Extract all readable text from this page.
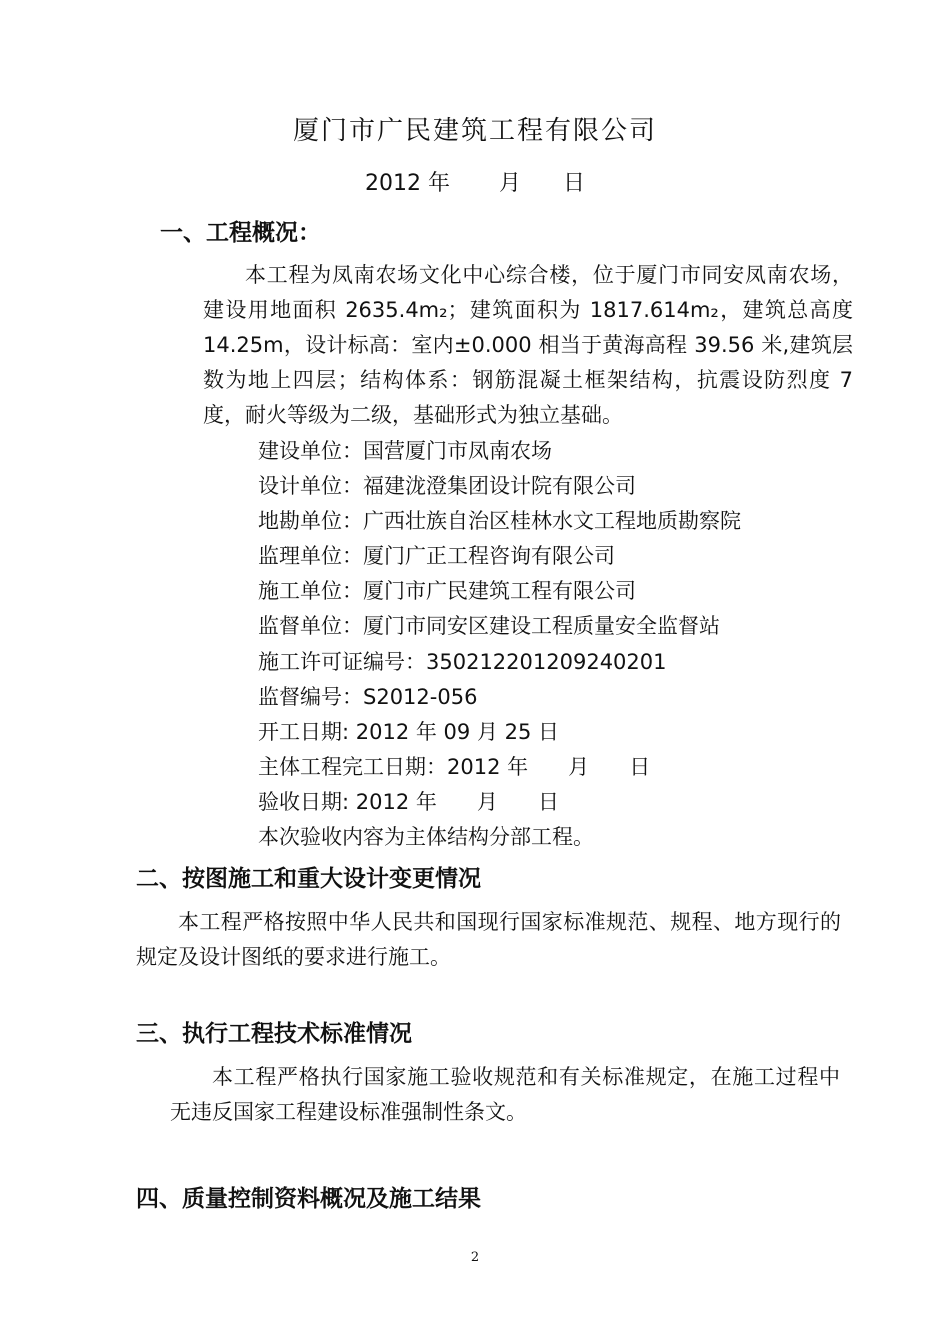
厦门市广民建筑工程有限公司
2012 年       月      日
一、工程概况：

本工程为凤南农场文化中心综合楼，位于厦门市同安凤南农场，建设用地面积 2635.4m₂；建筑面积为 1817.614m₂，建筑总高度 14.25m，设计标高：室内±0.000 相当于黄海高程 39.56 米,建筑层数为地上四层；结构体系：钢筋混凝土框架结构，抗震设防烈度 7 度，耐火等级为二级，基础形式为独立基础。

建设单位：国营厦门市凤南农场
设计单位：福建泷澄集团设计院有限公司
地勘单位：广西壮族自治区桂林水文工程地质勘察院
监理单位：厦门广正工程咨询有限公司
施工单位：厦门市广民建筑工程有限公司
监督单位：厦门市同安区建设工程质量安全监督站
施工许可证编号：350212201209240201
监督编号：S2012-056
开工日期: 2012 年 09 月 25 日
主体工程完工日期：2012 年      月      日
验收日期: 2012 年      月      日
本次验收内容为主体结构分部工程。
二、按图施工和重大设计变更情况

本工程严格按照中华人民共和国现行国家标准规范、规程、地方现行的规定及设计图纸的要求进行施工。

三、执行工程技术标准情况

本工程严格执行国家施工验收规范和有关标准规定，在施工过程中无违反国家工程建设标准强制性条文。

四、质量控制资料概况及施工结果
2
